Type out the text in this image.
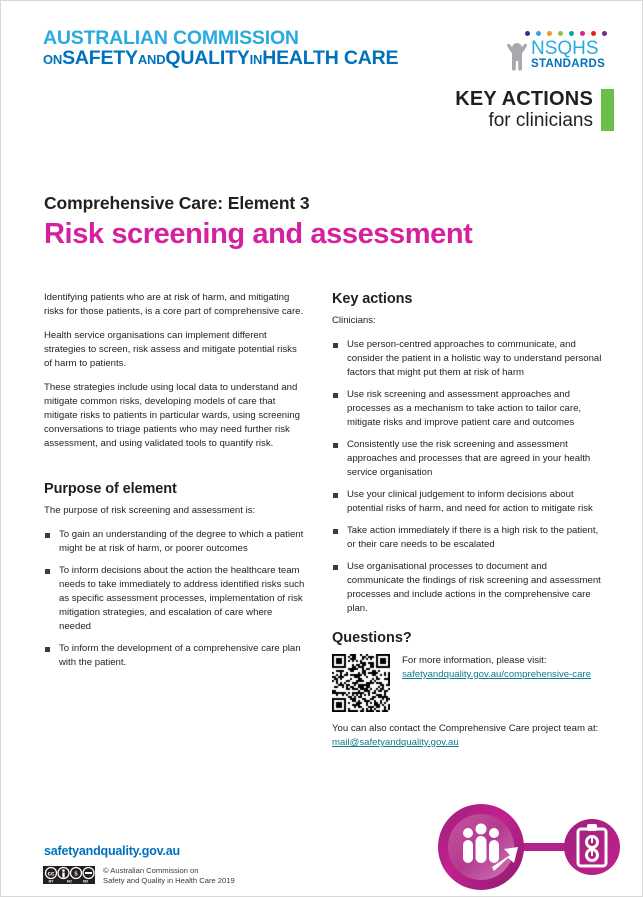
AUSTRALIAN COMMISSION
ONSAFETYANDQUALITYINHEALTH CARE	NSQHS
STANDARDS
KEY ACTIONS
for clinicians
Comprehensive Care: Element 3
Risk screening and assessment

Identifying patients who are at risk of harm, and mitigating risks for those patients, is a core part of comprehensive care.

Health service organisations can implement different strategies to screen, risk assess and mitigate potential risks of harm to patients.

These strategies include using local data to understand and mitigate common risks, developing models of care that mitigate risks to patients in particular wards, using screening conversations to triage patients who may need further risk assessment, and using validated tools to quantify risk.

Purpose of element

The purpose of risk screening and assessment is:

To gain an understanding of the degree to which a patient might be at risk of harm, or poorer outcomes
To inform decisions about the action the healthcare team needs to take immediately to address identified risks such as specific assessment processes, implementation of risk mitigation strategies, and escalation of care where needed
To inform the development of a comprehensive care plan with the patient.
Key actions

Clinicians:

Use person-centred approaches to communicate, and consider the patient in a holistic way to understand personal factors that might put them at risk of harm
Use risk screening and assessment approaches and processes as a mechanism to take action to tailor care, mitigate risks and improve patient care and outcomes
Consistently use the risk screening and assessment approaches and processes that are agreed in your health service organisation
Use your clinical judgement to inform decisions about potential risks of harm, and need for action to mitigate risk
Take action immediately if there is a high risk to the patient, or their care needs to be escalated
Use organisational processes to document and communicate the findings of risk screening and assessment processes and include actions in the comprehensive care plan.
Questions?
For more information, please visit:
safetyandquality.gov.au/comprehensive-care
You can also contact the Comprehensive Care project team at: mail@safetyandquality.gov.au
safetyandquality.gov.au
cc $
BY NC ND
© Australian Commission on
Safety and Quality in Health Care 2019
